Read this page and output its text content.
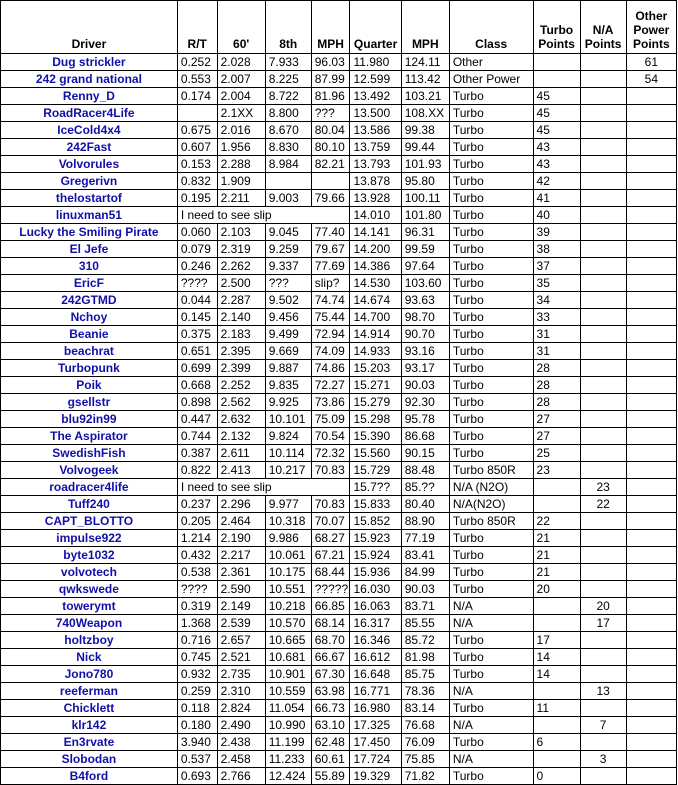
Driver	R/T	60'	8th	MPH	Quarter	MPH	Class	Turbo Points	N/A Points	Other Power Points
Dug strickler	0.252	2.028	7.933	96.03	11.980	124.11	Other			61
242 grand national	0.553	2.007	8.225	87.99	12.599	113.42	Other Power			54
Renny_D	0.174	2.004	8.722	81.96	13.492	103.21	Turbo	45		
RoadRacer4Life		2.1XX	8.800	???	13.500	108.XX	Turbo	45		
IceCold4x4	0.675	2.016	8.670	80.04	13.586	99.38	Turbo	45		
242Fast	0.607	1.956	8.830	80.10	13.759	99.44	Turbo	43		
Volvorules	0.153	2.288	8.984	82.21	13.793	101.93	Turbo	43		
Gregerivn	0.832	1.909			13.878	95.80	Turbo	42		
thelostartof	0.195	2.211	9.003	79.66	13.928	100.11	Turbo	41		
linuxman51	I need to see slip				14.010	101.80	Turbo	40		
Lucky the Smiling Pirate	0.060	2.103	9.045	77.40	14.141	96.31	Turbo	39		
El Jefe	0.079	2.319	9.259	79.67	14.200	99.59	Turbo	38		
310	0.246	2.262	9.337	77.69	14.386	97.64	Turbo	37		
EricF	????	2.500	???	slip?	14.530	103.60	Turbo	35		
242GTMD	0.044	2.287	9.502	74.74	14.674	93.63	Turbo	34		
Nchoy	0.145	2.140	9.456	75.44	14.700	98.70	Turbo	33		
Beanie	0.375	2.183	9.499	72.94	14.914	90.70	Turbo	31		
beachrat	0.651	2.395	9.669	74.09	14.933	93.16	Turbo	31		
Turbopunk	0.699	2.399	9.887	74.86	15.203	93.17	Turbo	28		
Poik	0.668	2.252	9.835	72.27	15.271	90.03	Turbo	28		
gsellstr	0.898	2.562	9.925	73.86	15.279	92.30	Turbo	28		
blu92in99	0.447	2.632	10.101	75.09	15.298	95.78	Turbo	27		
The Aspirator	0.744	2.132	9.824	70.54	15.390	86.68	Turbo	27		
SwedishFish	0.387	2.611	10.114	72.32	15.560	90.15	Turbo	25		
Volvogeek	0.822	2.413	10.217	70.83	15.729	88.48	Turbo 850R	23		
roadracer4life	I need to see slip				15.7??	85.??	N/A (N2O)		23	
Tuff240	0.237	2.296	9.977	70.83	15.833	80.40	N/A(N2O)		22	
CAPT_BLOTTO	0.205	2.464	10.318	70.07	15.852	88.90	Turbo 850R	22		
impulse922	1.214	2.190	9.986	68.27	15.923	77.19	Turbo	21		
byte1032	0.432	2.217	10.061	67.21	15.924	83.41	Turbo	21		
volvotech	0.538	2.361	10.175	68.44	15.936	84.99	Turbo	21		
qwkswede	????	2.590	10.551	?????	16.030	90.03	Turbo	20		
towerymt	0.319	2.149	10.218	66.85	16.063	83.71	N/A		20	
740Weapon	1.368	2.539	10.570	68.14	16.317	85.55	N/A		17	
holtzboy	0.716	2.657	10.665	68.70	16.346	85.72	Turbo	17		
Nick	0.745	2.521	10.681	66.67	16.612	81.98	Turbo	14		
Jono780	0.932	2.735	10.901	67.30	16.648	85.75	Turbo	14		
reeferman	0.259	2.310	10.559	63.98	16.771	78.36	N/A		13	
Chicklett	0.118	2.824	11.054	66.73	16.980	83.14	Turbo	11		
klr142	0.180	2.490	10.990	63.10	17.325	76.68	N/A		7	
En3rvate	3.940	2.438	11.199	62.48	17.450	76.09	Turbo	6		
Slobodan	0.537	2.458	11.233	60.61	17.724	75.85	N/A		3	
B4ford	0.693	2.766	12.424	55.89	19.329	71.82	Turbo	0		
